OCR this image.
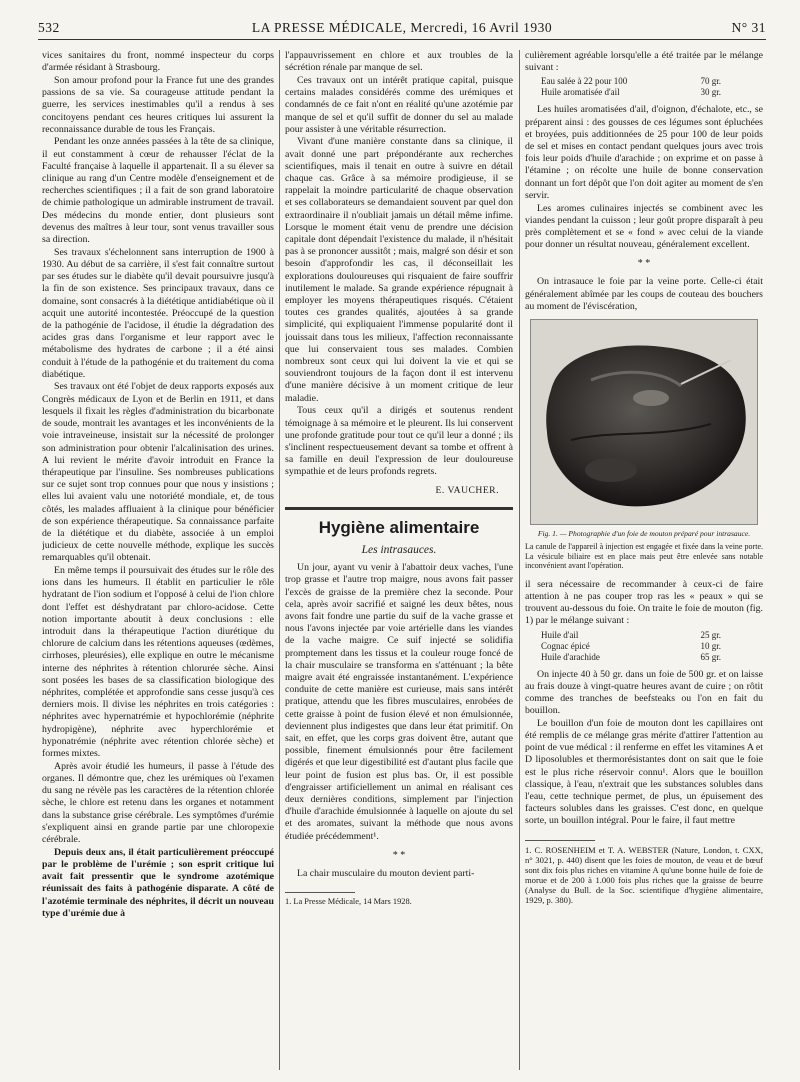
532	LA PRESSE MÉDICALE, Mercredi, 16 Avril 1930	N° 31

vices sanitaires du front, nommé inspecteur du corps d'armée résidant à Strasbourg.

Son amour profond pour la France fut une des grandes passions de sa vie. Sa courageuse attitude pendant la guerre, les services inestimables qu'il a rendus à ses concitoyens pendant ces heures critiques lui assurent la reconnaissance durable de tous les Français.

Pendant les onze années passées à la tête de sa clinique, il eut constamment à cœur de rehausser l'éclat de la Faculté française à laquelle il appartenait. Il a su élever sa clinique au rang d'un Centre modèle d'enseignement et de recherches scientifiques ; il a fait de son grand laboratoire de chimie pathologique un admirable instrument de travail. Des médecins du monde entier, dont plusieurs sont devenus des maîtres à leur tour, sont venus travailler sous sa direction.

Ses travaux s'échelonnent sans interruption de 1900 à 1930. Au début de sa carrière, il s'est fait connaître surtout par ses études sur le diabète qu'il devait poursuivre jusqu'à la fin de son existence. Ses principaux travaux, dans ce domaine, sont consacrés à la diététique antidiabétique où il acquit une autorité incontestée. Préoccupé de la question de la pathogénie de l'acidose, il étudie la dégradation des acides gras dans l'organisme et leur rapport avec le métabolisme des hydrates de carbone ; il a été ainsi conduit à l'étude de la pathogénie et du traitement du coma diabétique.

Ses travaux ont été l'objet de deux rapports exposés aux Congrès médicaux de Lyon et de Berlin en 1911, et dans lesquels il fixait les règles d'administration du bicarbonate de soude, montrait les avantages et les inconvénients de la voie intraveineuse, insistait sur la nécessité de prolonger son administration pour obtenir l'alcalinisation des urines. A lui revient le mérite d'avoir introduit en France la thérapeutique par l'insuline. Ses nombreuses publications sur ce sujet sont trop connues pour que nous y insistions ; elles lui avaient valu une notoriété mondiale, et, de tous côtés, les malades affluaient à la clinique pour bénéficier de son expérience thérapeutique. Sa connaissance parfaite de la diététique et du diabète, associée à un emploi judicieux de cette nouvelle méthode, explique les succès remarquables qu'il obtenait.

En même temps il poursuivait des études sur le rôle des ions dans les humeurs. Il établit en particulier le rôle hydratant de l'ion sodium et l'opposé à celui de l'ion chlore dont l'effet est déshydratant par chloro-acidose. Cette notion importante aboutit à deux conclusions : elle introduit dans la thérapeutique l'action diurétique du chlorure de calcium dans les rétentions aqueuses (œdèmes, cirrhoses, pleurésies), elle explique en outre le mécanisme interne des néphrites à rétention chlorurée sèche. Ainsi sont posées les bases de sa classification biologique des néphrites, complétée et approfondie sans cesse jusqu'à ces derniers mois. Il divise les néphrites en trois catégories : néphrites avec hypernatrémie et hypochlorémie (néphrite hydropigène), néphrite avec hyperchlorémie et hyponatrémie (néphrite avec rétention chlorée sèche) et formes mixtes.

Après avoir étudié les humeurs, il passe à l'étude des organes. Il démontre que, chez les urémiques où l'examen du sang ne révèle pas les caractères de la rétention chlorée sèche, le chlore est retenu dans les organes et notamment dans la substance grise cérébrale. Les symptômes d'urémie s'expliquent ainsi en grande partie par une chloropexie cérébrale.

Depuis deux ans, il était particulièrement préoccupé par le problème de l'urémie ; son esprit critique lui avait fait pressentir que le syndrome azotémique réunissait des faits à pathogénie disparate. A côté de l'azotémie terminale des néphrites, il décrit un nouveau type d'urémie due à

l'appauvrissement en chlore et aux troubles de la sécrétion rénale par manque de sel.

Ces travaux ont un intérêt pratique capital, puisque certains malades considérés comme des urémiques et condamnés de ce fait n'ont en réalité qu'une azotémie par manque de sel et qu'il suffit de donner du sel au malade pour assister à une véritable résurrection.

Vivant d'une manière constante dans sa clinique, il avait donné une part prépondérante aux recherches scientifiques, mais il tenait en outre à suivre en détail chaque cas. Grâce à sa mémoire prodigieuse, il se rappelait la moindre particularité de chaque observation et ses collaborateurs se demandaient souvent par quel don extraordinaire il n'oubliait jamais un détail même infime. Lorsque le moment était venu de prendre une décision capitale dont dépendait l'existence du malade, il n'hésitait pas à se prononcer aussitôt ; mais, malgré son désir et son besoin d'approfondir les cas, il déconseillait les explorations douloureuses qui risquaient de faire souffrir inutilement le malade. Sa grande expérience répugnait à employer les moyens thérapeutiques risqués. C'étaient toutes ces grandes qualités, ajoutées à sa grande simplicité, qui expliquaient l'immense popularité dont il jouissait dans tous les milieux, l'affection reconnaissante que lui conservaient tous ses malades. Combien nombreux sont ceux qui lui doivent la vie et qui se souviendront toujours de la façon dont il est intervenu d'une manière décisive à un moment critique de leur maladie.

Tous ceux qu'il a dirigés et soutenus rendent témoignage à sa mémoire et le pleurent. Ils lui conservent une profonde gratitude pour tout ce qu'il leur a donné ; ils s'inclinent respectueusement devant sa tombe et offrent à sa famille en deuil l'expression de leur douloureuse sympathie et de leurs profonds regrets.

E. VAUCHER.
Hygiène alimentaire
Les intrasauces.

Un jour, ayant vu venir à l'abattoir deux vaches, l'une trop grasse et l'autre trop maigre, nous avons fait passer l'excès de graisse de la première chez la seconde. Pour cela, après avoir sacrifié et saigné les deux bêtes, nous avons fait fondre une partie du suif de la vache grasse et nous l'avons injectée par voie artérielle dans les viandes de la vache maigre. Ce suif injecté se solidifia promptement dans les tissus et la couleur rouge foncé de la chair musculaire se transforma en s'atténuant ; la bête maigre avait été engraissée instantanément. L'expérience conduite de cette manière est curieuse, mais sans intérêt pratique, attendu que les fibres musculaires, enrobées de cette graisse à point de fusion élevé et non émulsionnée, deviennent plus indigestes que dans leur état primitif. On sait, en effet, que les corps gras doivent être, autant que possible, finement émulsionnés pour être facilement digérés et que leur digestibilité est d'autant plus facile que leur point de fusion est plus bas. Or, il est possible d'engraisser artificiellement un animal en réalisant ces deux dernières conditions, simplement par l'injection d'huile d'arachide émulsionnée à laquelle on ajoute du sel et des aromates, suivant la méthode que nous avons étudiée précédemment¹.

* *

La chair musculaire du mouton devient parti-

1. La Presse Médicale, 14 Mars 1928.

culièrement agréable lorsqu'elle a été traitée par le mélange suivant :

Eau salée à 22 pour 100	70 gr.
Huile aromatisée d'ail	30 gr.

Les huiles aromatisées d'ail, d'oignon, d'échalote, etc., se préparent ainsi : des gousses de ces légumes sont épluchées et broyées, puis additionnées de 25 pour 100 de leur poids de sel et mises en contact pendant quelques jours avec trois fois leur poids d'huile d'arachide ; on exprime et on passe à l'étamine ; on récolte une huile de bonne conservation donnant un fort dépôt que l'on doit agiter au moment de s'en servir.

Les aromes culinaires injectés se combinent avec les viandes pendant la cuisson ; leur goût propre disparaît à peu près complètement et se « fond » avec celui de la viande pour donner un résultat nouveau, généralement excellent.

* *

On intrasauce le foie par la veine porte. Celle-ci était généralement abîmée par les coups de couteau des bouchers au moment de l'éviscération,

Fig. 1. — Photographie d'un foie de mouton préparé pour intrasauce.
La canule de l'appareil à injection est engagée et fixée dans la veine porte. La vésicule biliaire est en place mais peut être enlevée sans notable inconvénient avant l'opération.

il sera nécessaire de recommander à ceux-ci de faire attention à ne pas couper trop ras les « peaux » qui se trouvent au-dessous du foie. On traite le foie de mouton (fig. 1) par le mélange suivant :

Huile d'ail	25 gr.
Cognac épicé	10 gr.
Huile d'arachide	65 gr.

On injecte 40 à 50 gr. dans un foie de 500 gr. et on laisse au frais douze à vingt-quatre heures avant de cuire ; on rôtit comme des tranches de beefsteaks ou l'on en fait du bouillon.

Le bouillon d'un foie de mouton dont les capillaires ont été remplis de ce mélange gras mérite d'attirer l'attention au point de vue médical : il renferme en effet les vitamines A et D liposolubles et thermorésistantes dont on sait que le foie est le plus riche réservoir connu¹. Alors que le bouillon classique, à l'eau, n'extrait que les substances solubles dans l'eau, cette technique permet, de plus, un épuisement des facteurs solubles dans les graisses. C'est donc, en quelque sorte, un bouillon intégral. Pour le faire, il faut mettre

1. C. ROSENHEIM et T. A. WEBSTER (Nature, London, t. CXX, n° 3021, p. 440) disent que les foies de mouton, de veau et de bœuf sont dix fois plus riches en vitamine A qu'une bonne huile de foie de morue et de 200 à 1.000 fois plus riches que la graisse de beurre (Analyse du Bull. de la Soc. scientifique d'hygiène alimentaire, 1929, p. 380).
